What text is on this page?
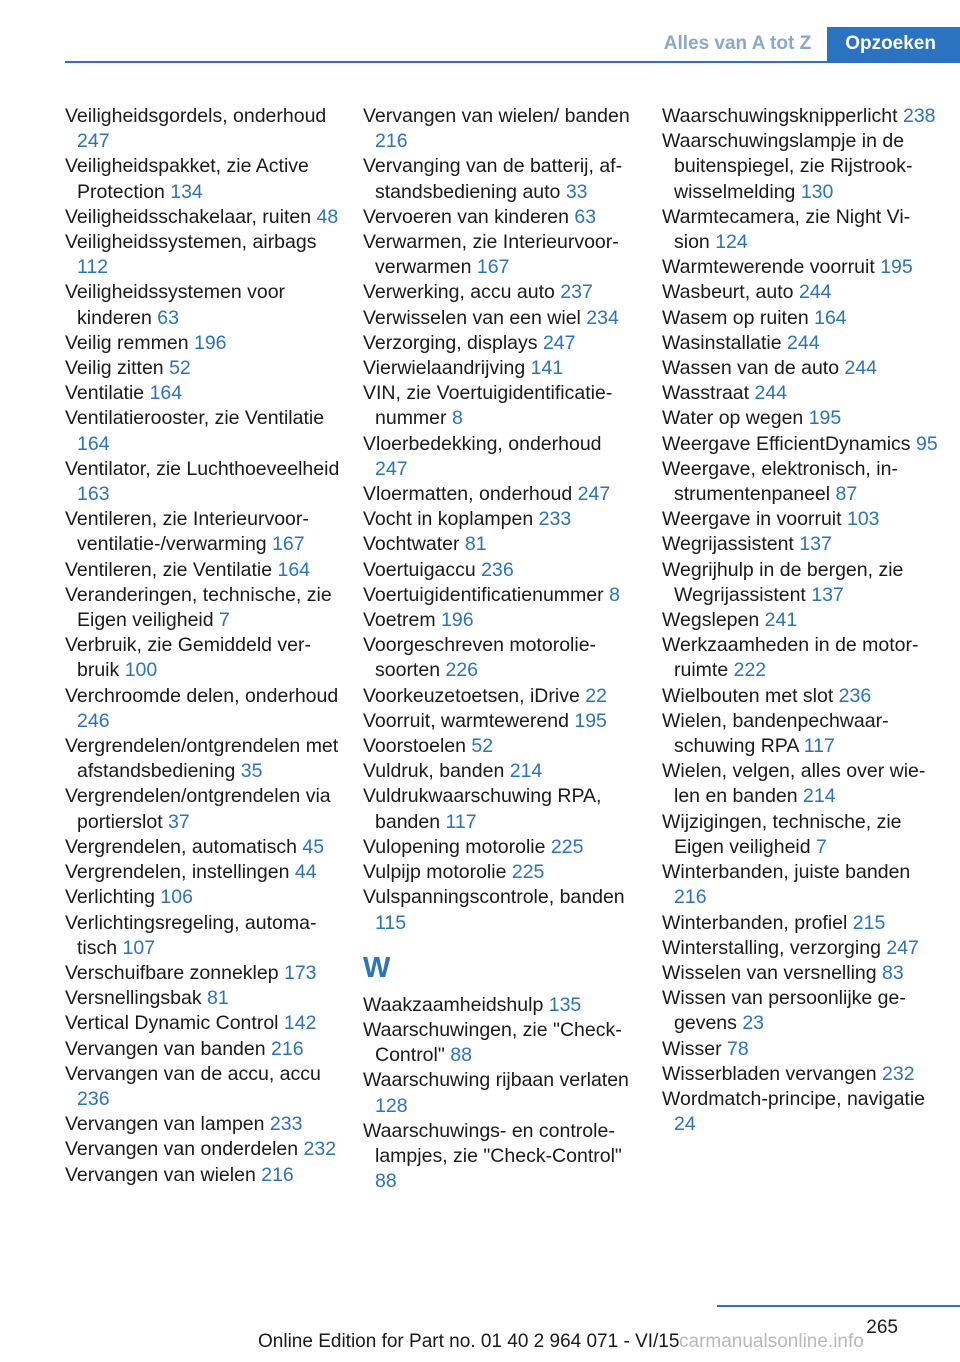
Alles van A tot Z	Opzoeken
Veiligheidsgordels, onderhoud 247
Veiligheidspakket, zie Active Protection 134
Veiligheidsschakelaar, ruiten 48
Veiligheidssystemen, airbags 112
Veiligheidssystemen voor kinderen 63
Veilig remmen 196
Veilig zitten 52
Ventilatie 164
Ventilatierooster, zie Ventilatie 164
Ventilator, zie Luchthoeveelheid 163
Ventileren, zie Interieurvoorventilatie-/verwarming 167
Ventileren, zie Ventilatie 164
Veranderingen, technische, zie Eigen veiligheid 7
Verbruik, zie Gemiddeld verbruik 100
Verchroomde delen, onderhoud 246
Vergrendelen/ontgrendelen met afstandsbediening 35
Vergrendelen/ontgrendelen via portierslot 37
Vergrendelen, automatisch 45
Vergrendelen, instellingen 44
Verlichting 106
Verlichtingsregeling, automatisch 107
Verschuifbare zonneklep 173
Versnellingsbak 81
Vertical Dynamic Control 142
Vervangen van banden 216
Vervangen van de accu, accu 236
Vervangen van lampen 233
Vervangen van onderdelen 232
Vervangen van wielen 216
Vervangen van wielen/ banden 216
Vervanging van de batterij, afstandsbediening auto 33
Vervoeren van kinderen 63
Verwarmen, zie Interieurvoorverwarmen 167
Verwerking, accu auto 237
Verwisselen van een wiel 234
Verzorging, displays 247
Vierwielaandrijving 141
VIN, zie Voertuigidentificatienummer 8
Vloerbedekking, onderhoud 247
Vloermatten, onderhoud 247
Vocht in koplampen 233
Vochtwater 81
Voertuigaccu 236
Voertuigidentificatienummer 8
Voetrem 196
Voorgeschreven motoroliesoorten 226
Voorkeuzetoetsen, iDrive 22
Voorruit, warmtewerend 195
Voorstoelen 52
Vuldruk, banden 214
Vuldrukwaarschuwing RPA, banden 117
Vulopening motorolie 225
Vulpijp motorolie 225
Vulspanningscontrole, banden 115
W
Waakzaamheidshulp 135
Waarschuwingen, zie "Check-Control" 88
Waarschuwing rijbaan verlaten 128
Waarschuwings- en controlelampjes, zie "Check-Control" 88
Waarschuwingsknipperlicht 238
Waarschuwingslampje in de buitenspiegel, zie Rijstrookwisselmelding 130
Warmtecamera, zie Night Vision 124
Warmtewerende voorruit 195
Wasbeurt, auto 244
Wasem op ruiten 164
Wasinstallatie 244
Wassen van de auto 244
Wasstraat 244
Water op wegen 195
Weergave EfficientDynamics 95
Weergave, elektronisch, instrumentenpaneel 87
Weergave in voorruit 103
Wegrijassistent 137
Wegrijhulp in de bergen, zie Wegrijassistent 137
Wegslepen 241
Werkzaamheden in de motorruimte 222
Wielbouten met slot 236
Wielen, bandenpechwaarschuwing RPA 117
Wielen, velgen, alles over wielen en banden 214
Wijzigingen, technische, zie Eigen veiligheid 7
Winterbanden, juiste banden 216
Winterbanden, profiel 215
Winterstalling, verzorging 247
Wisselen van versnelling 83
Wissen van persoonlijke gegevens 23
Wisser 78
Wisserbladen vervangen 232
Wordmatch-principe, navigatie 24
265
Online Edition for Part no. 01 40 2 964 071 - VI/15 carmanualsonline.info
